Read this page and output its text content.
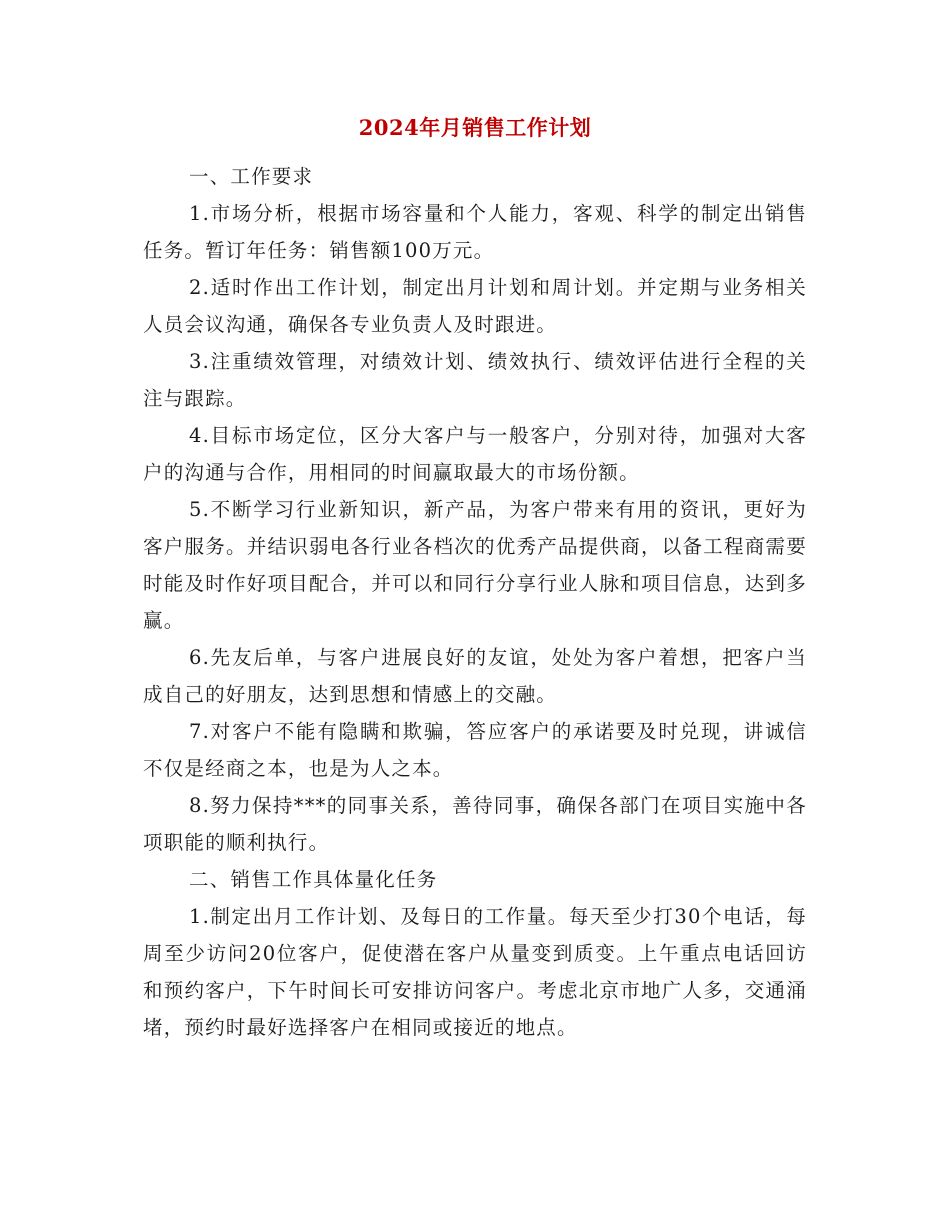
2024年月销售工作计划

一、工作要求

1.市场分析，根据市场容量和个人能力，客观、科学的制定出销售任务。暂订年任务：销售额100万元。

2.适时作出工作计划，制定出月计划和周计划。并定期与业务相关人员会议沟通，确保各专业负责人及时跟进。

3.注重绩效管理，对绩效计划、绩效执行、绩效评估进行全程的关注与跟踪。

4.目标市场定位，区分大客户与一般客户，分别对待，加强对大客户的沟通与合作，用相同的时间赢取最大的市场份额。

5.不断学习行业新知识，新产品，为客户带来有用的资讯，更好为客户服务。并结识弱电各行业各档次的优秀产品提供商，以备工程商需要时能及时作好项目配合，并可以和同行分享行业人脉和项目信息，达到多赢。

6.先友后单，与客户进展良好的友谊，处处为客户着想，把客户当成自己的好朋友，达到思想和情感上的交融。

7.对客户不能有隐瞒和欺骗，答应客户的承诺要及时兑现，讲诚信不仅是经商之本，也是为人之本。

8.努力保持***的同事关系，善待同事，确保各部门在项目实施中各项职能的顺利执行。

二、销售工作具体量化任务

1.制定出月工作计划、及每日的工作量。每天至少打30个电话，每周至少访问20位客户，促使潜在客户从量变到质变。上午重点电话回访和预约客户，下午时间长可安排访问客户。考虑北京市地广人多，交通涌堵，预约时最好选择客户在相同或接近的地点。
